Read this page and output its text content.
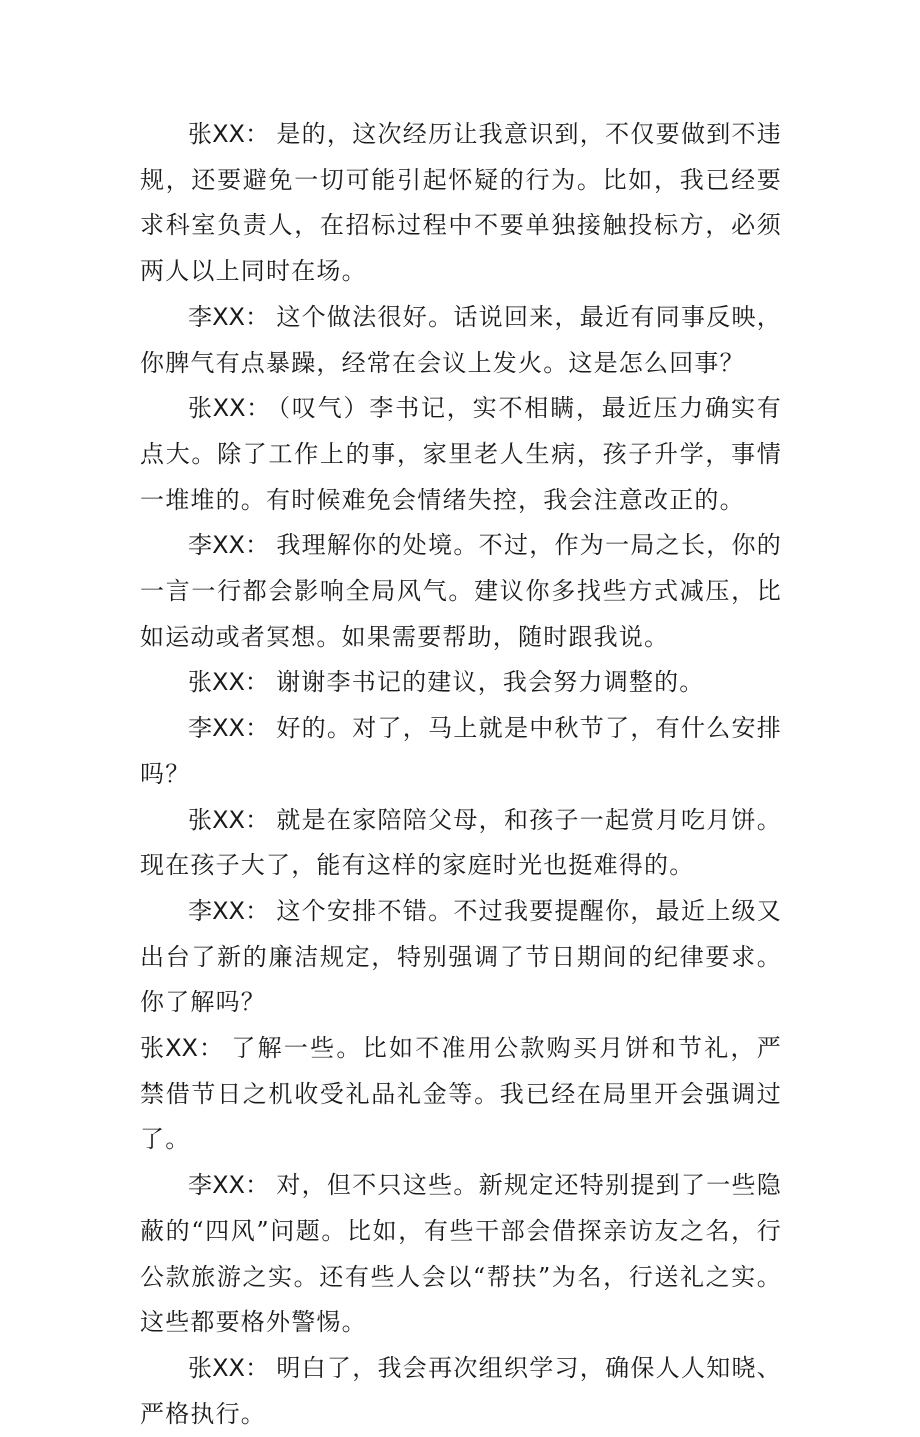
张XX： 是的，这次经历让我意识到，不仅要做到不违规，还要避免一切可能引起怀疑的行为。比如，我已经要求科室负责人，在招标过程中不要单独接触投标方，必须两人以上同时在场。

李XX： 这个做法很好。话说回来，最近有同事反映，你脾气有点暴躁，经常在会议上发火。这是怎么回事？

张XX： （叹气）李书记，实不相瞒，最近压力确实有点大。除了工作上的事，家里老人生病，孩子升学，事情一堆堆的。有时候难免会情绪失控，我会注意改正的。

李XX： 我理解你的处境。不过，作为一局之长，你的一言一行都会影响全局风气。建议你多找些方式减压，比如运动或者冥想。如果需要帮助，随时跟我说。

张XX： 谢谢李书记的建议，我会努力调整的。

李XX： 好的。对了，马上就是中秋节了，有什么安排吗？

张XX： 就是在家陪陪父母，和孩子一起赏月吃月饼。现在孩子大了，能有这样的家庭时光也挺难得的。

李XX： 这个安排不错。不过我要提醒你，最近上级又出台了新的廉洁规定，特别强调了节日期间的纪律要求。你了解吗？

张XX： 了解一些。比如不准用公款购买月饼和节礼，严禁借节日之机收受礼品礼金等。我已经在局里开会强调过了。

李XX： 对，但不只这些。新规定还特别提到了一些隐蔽的“四风”问题。比如，有些干部会借探亲访友之名，行公款旅游之实。还有些人会以“帮扶”为名，行送礼之实。这些都要格外警惕。

张XX： 明白了，我会再次组织学习，确保人人知晓、严格执行。
